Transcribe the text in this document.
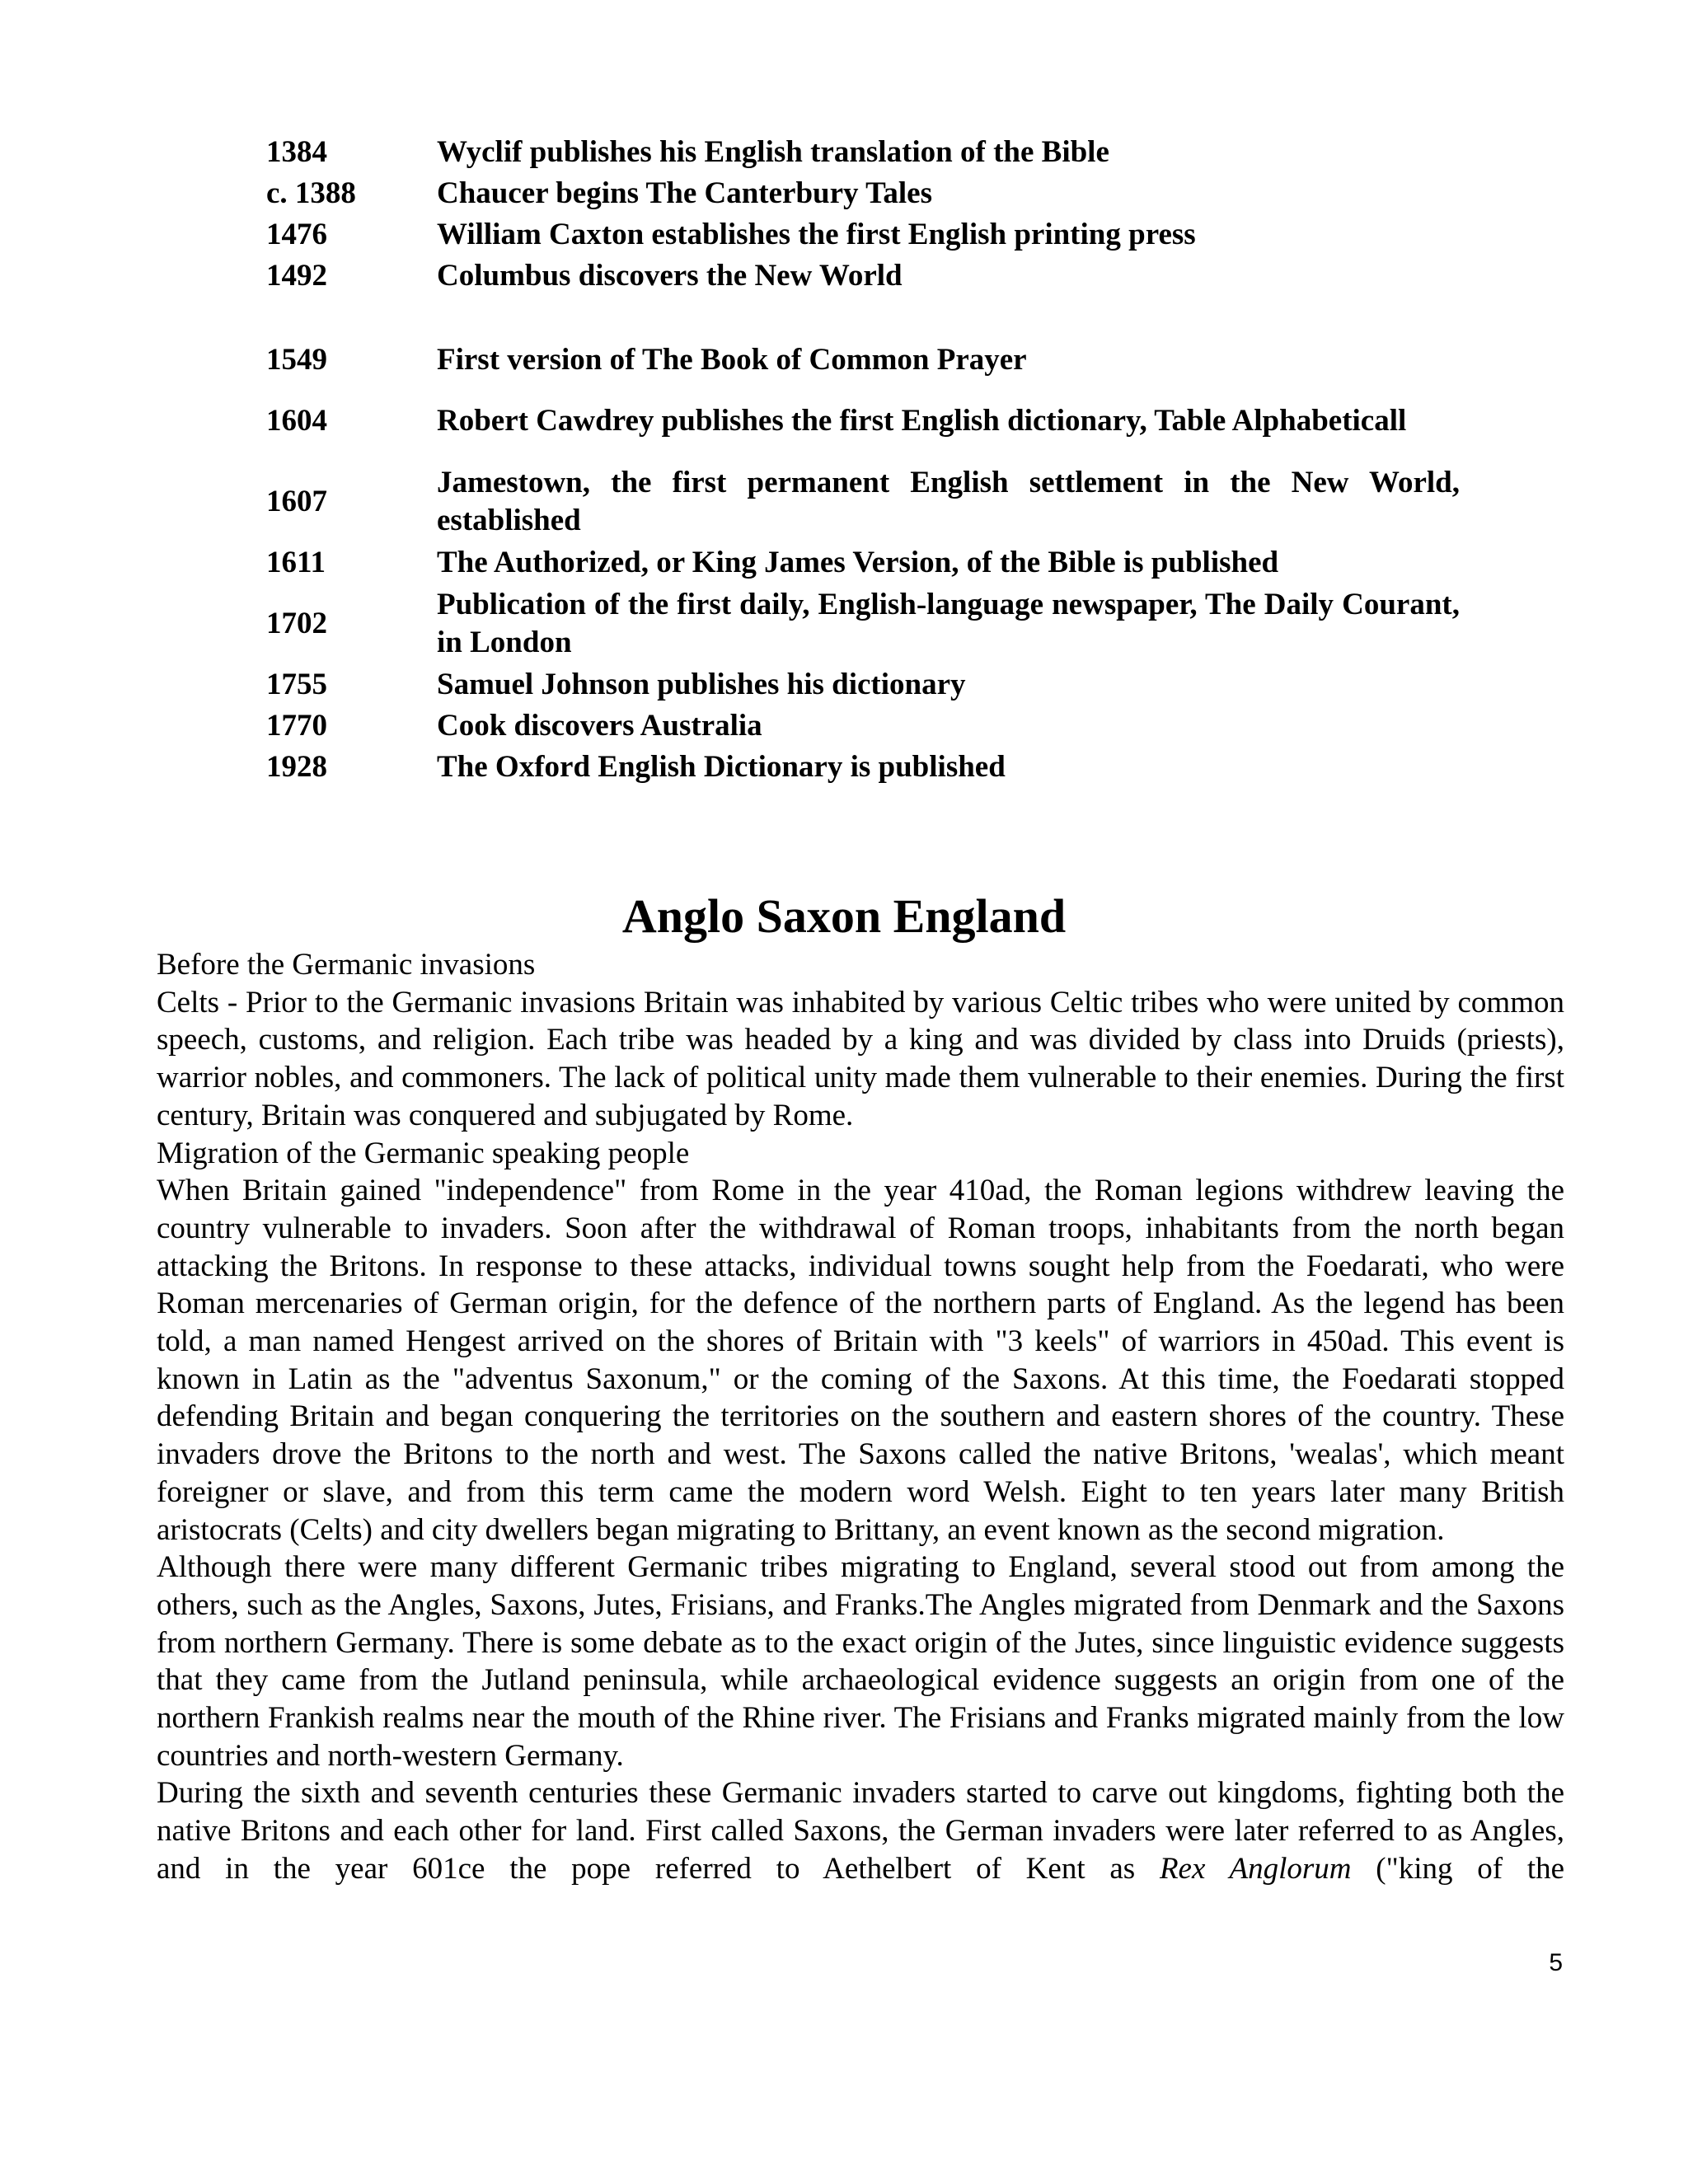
1384	Wyclif publishes his English translation of the Bible
c. 1388	Chaucer begins The Canterbury Tales
1476	William Caxton establishes the first English printing press
1492	Columbus discovers the New World

1549	First version of The Book of Common Prayer
1604	Robert Cawdrey publishes the first English dictionary, Table Alphabeticall
1607	Jamestown, the first permanent English settlement in the New World, established
1611	The Authorized, or King James Version, of the Bible is published
1702	Publication of the first daily, English-language newspaper, The Daily Courant, in London
1755	Samuel Johnson publishes his dictionary
1770	Cook discovers Australia
1928	The Oxford English Dictionary is published
Anglo Saxon England

Before the Germanic invasions

Celts - Prior to the Germanic invasions Britain was inhabited by various Celtic tribes who were united by common speech, customs, and religion. Each tribe was headed by a king and was divided by class into Druids (priests), warrior nobles, and commoners. The lack of political unity made them vulnerable to their enemies. During the first century, Britain was conquered and subjugated by Rome.

Migration of the Germanic speaking people

When Britain gained "independence" from Rome in the year 410ad, the Roman legions withdrew leaving the country vulnerable to invaders. Soon after the withdrawal of Roman troops, inhabitants from the north began attacking the Britons. In response to these attacks, individual towns sought help from the Foedarati, who were Roman mercenaries of German origin, for the defence of the northern parts of England. As the legend has been told, a man named Hengest arrived on the shores of Britain with "3 keels" of warriors in 450ad. This event is known in Latin as the "adventus Saxonum," or the coming of the Saxons. At this time, the Foedarati stopped defending Britain and began conquering the territories on the southern and eastern shores of the country. These invaders drove the Britons to the north and west. The Saxons called the native Britons, 'wealas', which meant foreigner or slave, and from this term came the modern word Welsh. Eight to ten years later many British aristocrats (Celts) and city dwellers began migrating to Brittany, an event known as the second migration.

Although there were many different Germanic tribes migrating to England, several stood out from among the others, such as the Angles, Saxons, Jutes, Frisians, and Franks.The Angles migrated from Denmark and the Saxons from northern Germany. There is some debate as to the exact origin of the Jutes, since linguistic evidence suggests that they came from the Jutland peninsula, while archaeological evidence suggests an origin from one of the northern Frankish realms near the mouth of the Rhine river. The Frisians and Franks migrated mainly from the low countries and north-western Germany.

During the sixth and seventh centuries these Germanic invaders started to carve out kingdoms, fighting both the native Britons and each other for land. First called Saxons, the German invaders were later referred to as Angles, and in the year 601ce the pope referred to Aethelbert of Kent as Rex Anglorum ("king of the

5
